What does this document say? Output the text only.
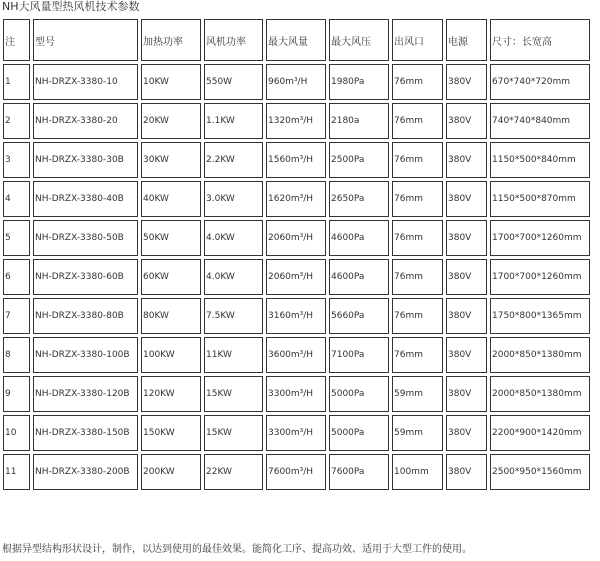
NH大风量型热风机技术参数
注	型号	加热功率	风机功率	最大风量	最大风压	出风口	电源	尺寸：长宽高
1	NH-DRZX-3380-10	10KW	550W	960m³/H	1980Pa	76mm	380V	670*740*720mm
2	NH-DRZX-3380-20	20KW	1.1KW	1320m³/H	2180a	76mm	380V	740*740*840mm
3	NH-DRZX-3380-30B	30KW	2.2KW	1560m³/H	2500Pa	76mm	380V	1150*500*840mm
4	NH-DRZX-3380-40B	40KW	3.0KW	1620m³/H	2650Pa	76mm	380V	1150*500*870mm
5	NH-DRZX-3380-50B	50KW	4.0KW	2060m³/H	4600Pa	76mm	380V	1700*700*1260mm
6	NH-DRZX-3380-60B	60KW	4.0KW	2060m³/H	4600Pa	76mm	380V	1700*700*1260mm
7	NH-DRZX-3380-80B	80KW	7.5KW	3160m³/H	5660Pa	76mm	380V	1750*800*1365mm
8	NH-DRZX-3380-100B	100KW	11KW	3600m³/H	7100Pa	76mm	380V	2000*850*1380mm
9	NH-DRZX-3380-120B	120KW	15KW	3300m³/H	5000Pa	59mm	380V	2000*850*1380mm
10	NH-DRZX-3380-150B	150KW	15KW	3300m³/H	5000Pa	59mm	380V	2200*900*1420mm
11	NH-DRZX-3380-200B	200KW	22KW	7600m³/H	7600Pa	100mm	380V	2500*950*1560mm
根据异型结构形状设计，制作，以达到使用的最佳效果。能简化工序、提高功效、适用于大型工件的使用。
